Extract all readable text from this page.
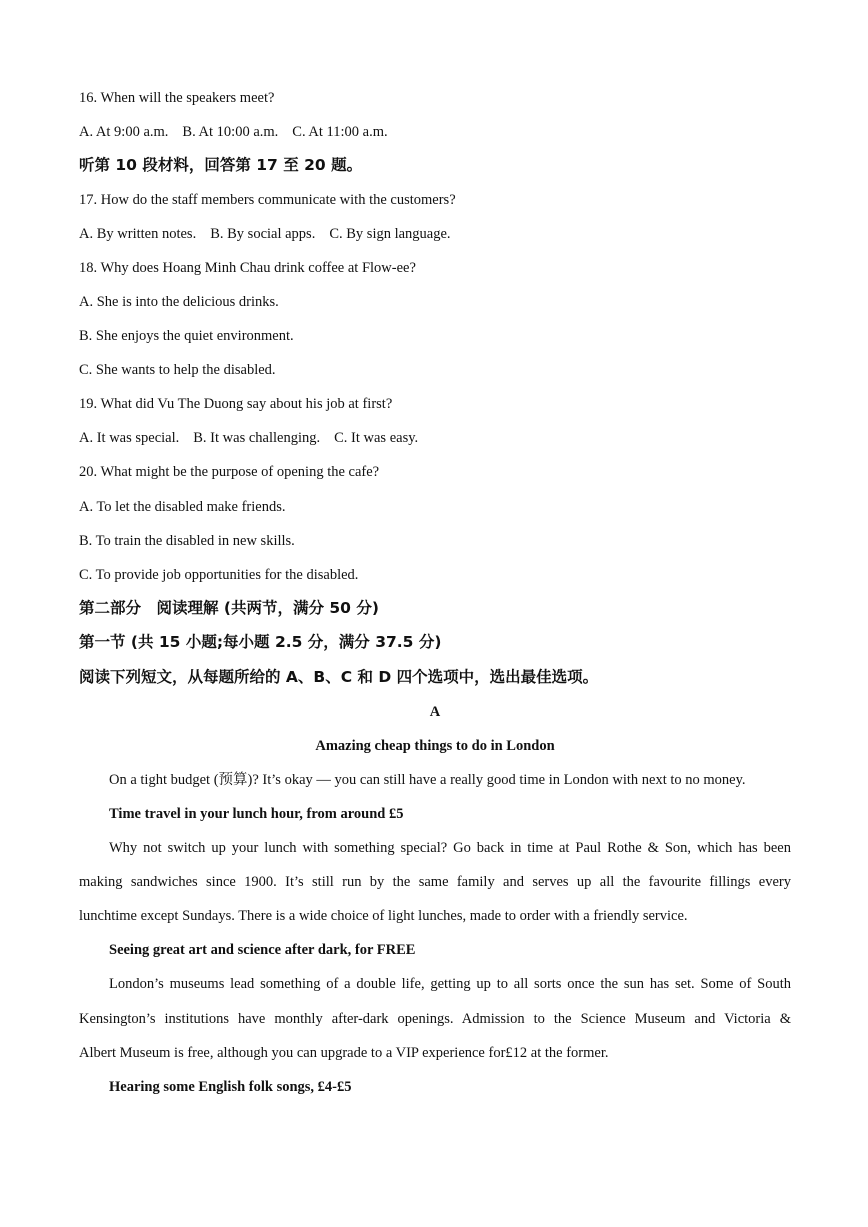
16. When will the speakers meet?
A. At 9:00 a.m. B. At 10:00 a.m. C. At 11:00 a.m.
听第 10 段材料，回答第 17 至 20 题。
17. How do the staff members communicate with the customers?
A. By written notes. B. By social apps. C. By sign language.
18. Why does Hoang Minh Chau drink coffee at Flow-ee?
A. She is into the delicious drinks.
B. She enjoys the quiet environment.
C. She wants to help the disabled.
19. What did Vu The Duong say about his job at first?
A. It was special. B. It was challenging. C. It was easy.
20. What might be the purpose of opening the cafe?
A. To let the disabled make friends.
B. To train the disabled in new skills.
C. To provide job opportunities for the disabled.
第二部分　阅读理解 (共两节，满分 50 分)
第一节 (共 15 小题;每小题 2.5 分，满分 37.5 分)
阅读下列短文，从每题所给的 A、B、C 和 D 四个选项中，选出最佳选项。
A
Amazing cheap things to do in London
On a tight budget (预算)? It’s okay — you can still have a really good time in London with next to no money.
Time travel in your lunch hour, from around £5
Why not switch up your lunch with something special? Go back in time at Paul Rothe & Son, which has been
making sandwiches since 1900. It’s still run by the same family and serves up all the favourite fillings every
lunchtime except Sundays. There is a wide choice of light lunches, made to order with a friendly service.
Seeing great art and science after dark, for FREE
London’s museums lead something of a double life, getting up to all sorts once the sun has set. Some of South
Kensington’s institutions have monthly after-dark openings. Admission to the Science Museum and Victoria &
Albert Museum is free, although you can upgrade to a VIP experience for£12 at the former.
Hearing some English folk songs, £4-£5
